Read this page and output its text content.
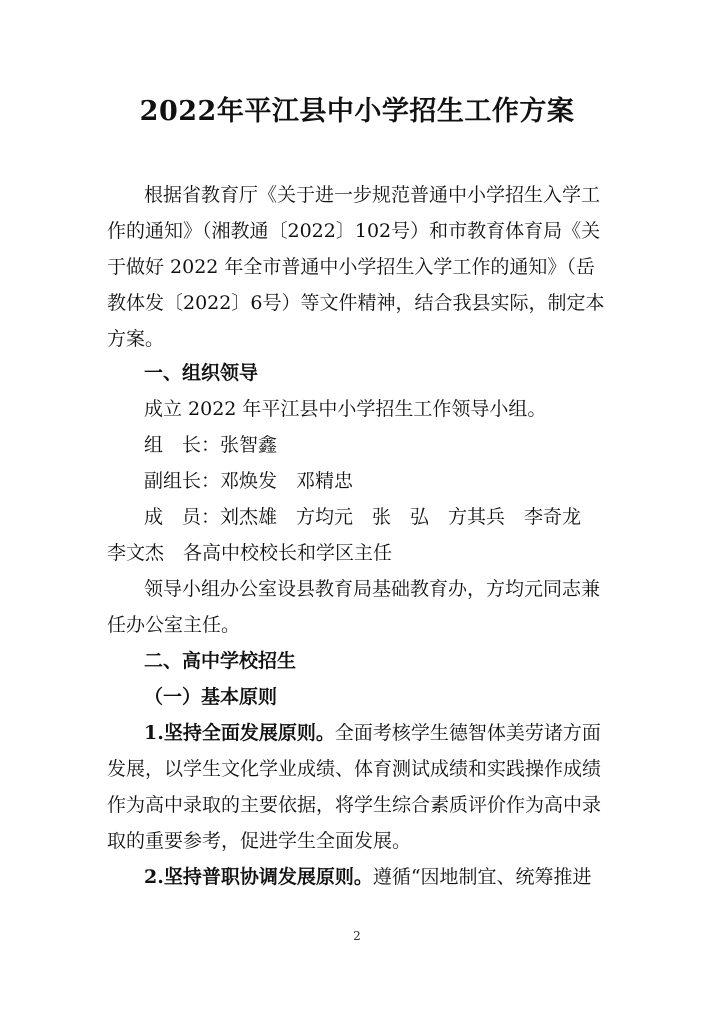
2022年平江县中小学招生工作方案
根据省教育厅《关于进一步规范普通中小学招生入学工
作的通知》（湘教通〔2022〕102号）和市教育体育局《关
于做好 2022 年全市普通中小学招生入学工作的通知》（岳
教体发〔2022〕6号）等文件精神，结合我县实际，制定本
方案。
一、组织领导
成立 2022 年平江县中小学招生工作领导小组。
组　长：张智鑫
副组长：邓焕发　邓精忠
成　员：刘杰雄　方均元　张　弘　方其兵　李奇龙
李文杰　各高中校校长和学区主任
领导小组办公室设县教育局基础教育办，方均元同志兼
任办公室主任。
二、高中学校招生
（一）基本原则
1.坚持全面发展原则。全面考核学生德智体美劳诸方面
发展，以学生文化学业成绩、体育测试成绩和实践操作成绩
作为高中录取的主要依据，将学生综合素质评价作为高中录
取的重要参考，促进学生全面发展。
2.坚持普职协调发展原则。遵循“因地制宜、统筹推进
2
